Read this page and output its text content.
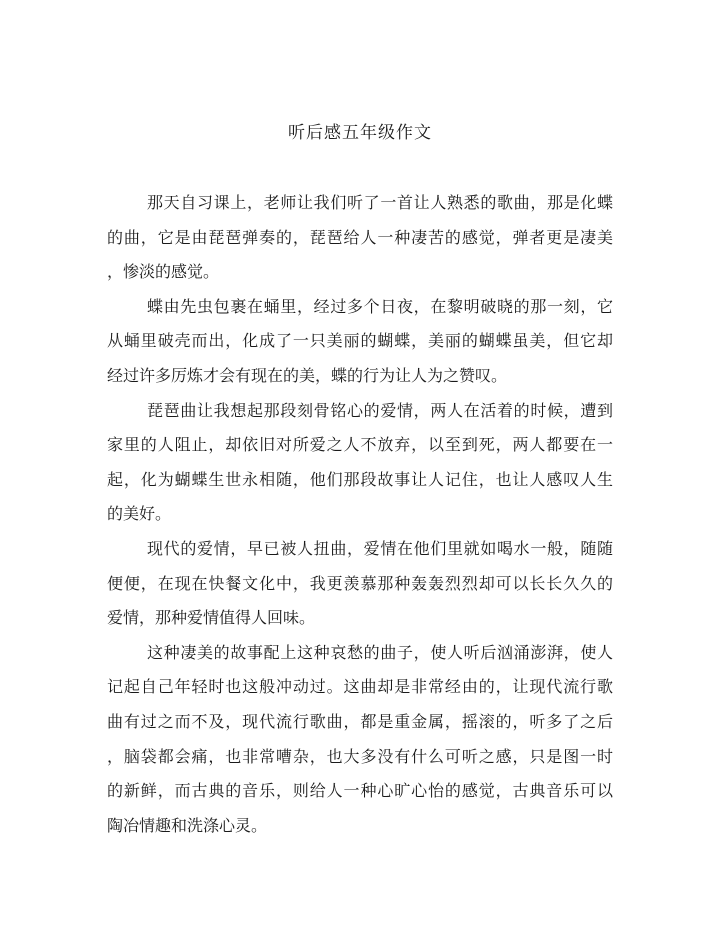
听后感五年级作文
那天自习课上，老师让我们听了一首让人熟悉的歌曲，那是化蝶
的曲，它是由琵琶弹奏的，琵琶给人一种凄苦的感觉，弹者更是凄美
，惨淡的感觉。
蝶由先虫包裹在蛹里，经过多个日夜，在黎明破晓的那一刻，它
从蛹里破壳而出，化成了一只美丽的蝴蝶，美丽的蝴蝶虽美，但它却
经过许多厉炼才会有现在的美，蝶的行为让人为之赞叹。
琵琶曲让我想起那段刻骨铭心的爱情，两人在活着的时候，遭到
家里的人阻止，却依旧对所爱之人不放弃，以至到死，两人都要在一
起，化为蝴蝶生世永相随，他们那段故事让人记住，也让人感叹人生
的美好。
现代的爱情，早已被人扭曲，爱情在他们里就如喝水一般，随随
便便，在现在快餐文化中，我更羡慕那种轰轰烈烈却可以长长久久的
爱情，那种爱情值得人回味。
这种凄美的故事配上这种哀愁的曲子，使人听后汹涌澎湃，使人
记起自己年轻时也这般冲动过。这曲却是非常经由的，让现代流行歌
曲有过之而不及，现代流行歌曲，都是重金属，摇滚的，听多了之后
，脑袋都会痛，也非常嘈杂，也大多没有什么可听之感，只是图一时
的新鲜，而古典的音乐，则给人一种心旷心怡的感觉，古典音乐可以
陶冶情趣和洗涤心灵。
